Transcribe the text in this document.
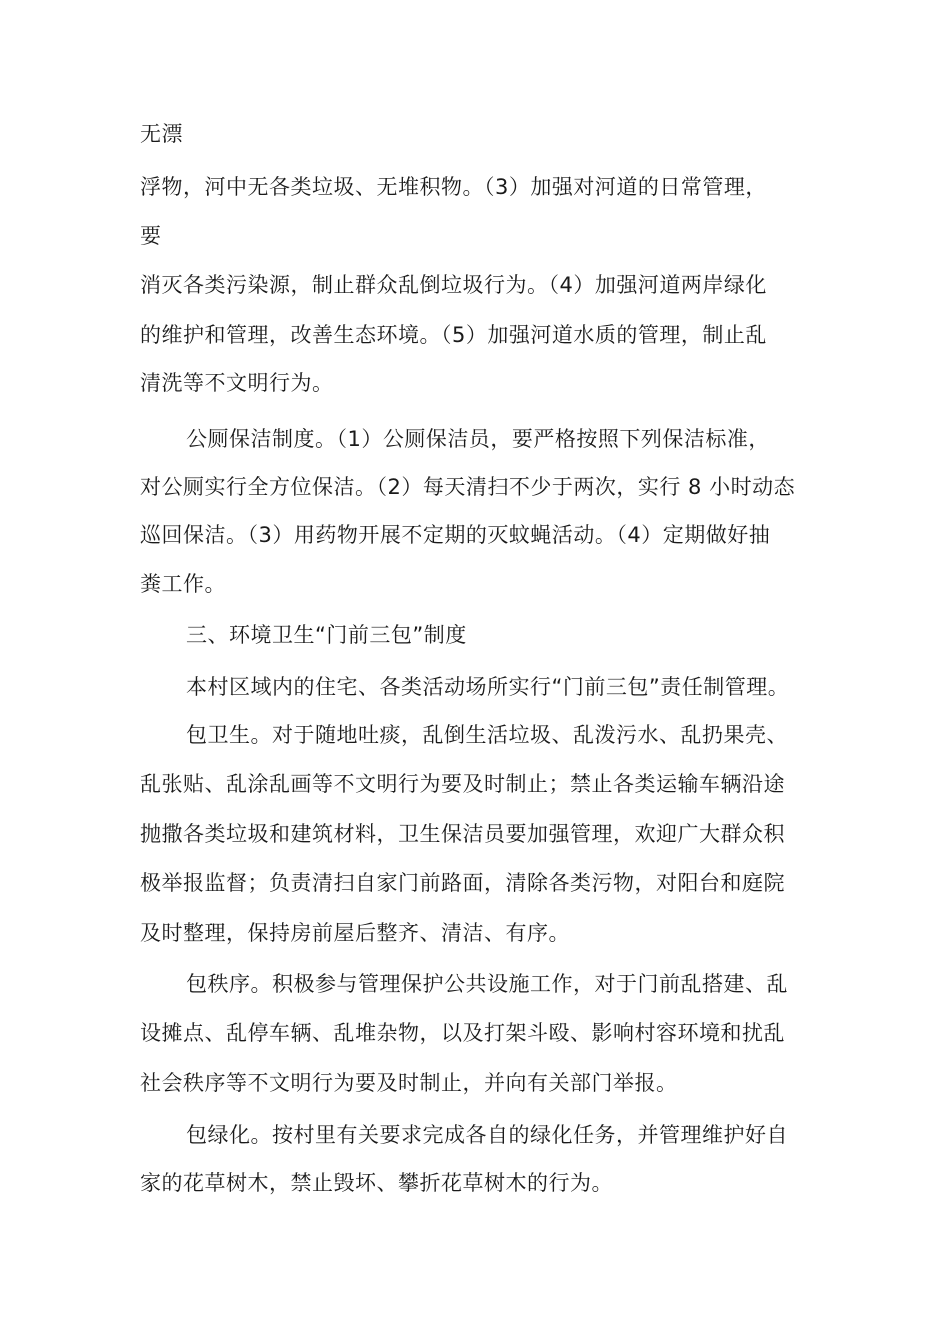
无漂
浮物，河中无各类垃圾、无堆积物。（3）加强对河道的日常管理，
要
消灭各类污染源，制止群众乱倒垃圾行为。（4）加强河道两岸绿化
的维护和管理，改善生态环境。（5）加强河道水质的管理，制止乱
清洗等不文明行为。
公厕保洁制度。（1）公厕保洁员，要严格按照下列保洁标准，
对公厕实行全方位保洁。（2）每天清扫不少于两次，实行 8 小时动态
巡回保洁。（3）用药物开展不定期的灭蚊蝇活动。（4）定期做好抽
粪工作。
三、环境卫生“门前三包”制度
本村区域内的住宅、各类活动场所实行“门前三包”责任制管理。
包卫生。对于随地吐痰，乱倒生活垃圾、乱泼污水、乱扔果壳、
乱张贴、乱涂乱画等不文明行为要及时制止；禁止各类运输车辆沿途
抛撒各类垃圾和建筑材料，卫生保洁员要加强管理，欢迎广大群众积
极举报监督；负责清扫自家门前路面，清除各类污物，对阳台和庭院
及时整理，保持房前屋后整齐、清洁、有序。
包秩序。积极参与管理保护公共设施工作，对于门前乱搭建、乱
设摊点、乱停车辆、乱堆杂物，以及打架斗殴、影响村容环境和扰乱
社会秩序等不文明行为要及时制止，并向有关部门举报。
包绿化。按村里有关要求完成各自的绿化任务，并管理维护好自
家的花草树木，禁止毁坏、攀折花草树木的行为。
